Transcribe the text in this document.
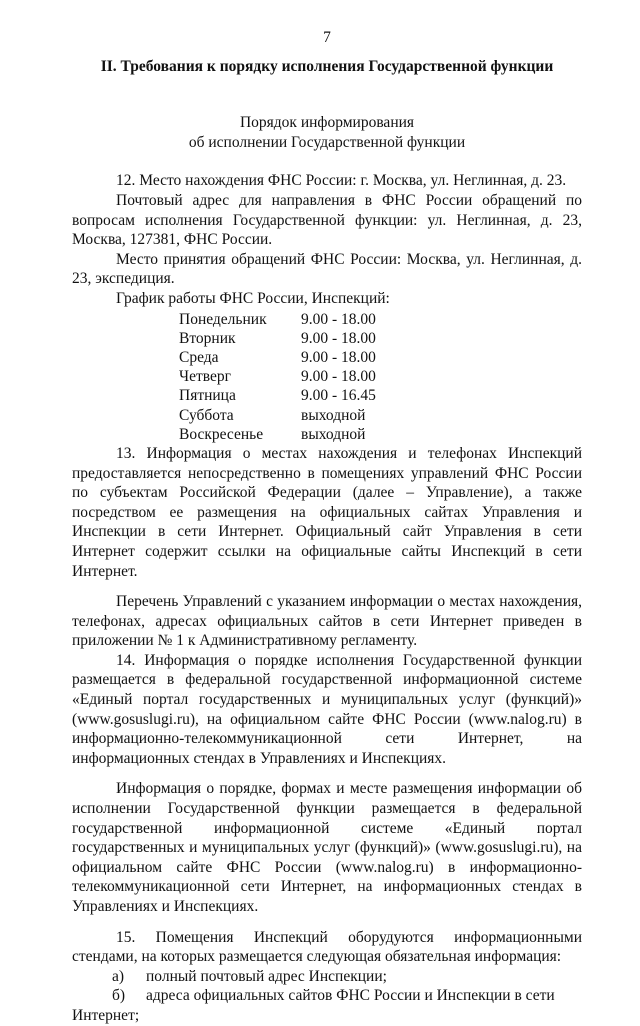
7
II. Требования к порядку исполнения Государственной функции
Порядок информирования
об исполнении Государственной функции

12. Место нахождения ФНС России: г. Москва, ул. Неглинная, д. 23.

Почтовый адрес для направления в ФНС России обращений по вопросам исполнения Государственной функции: ул. Неглинная, д. 23, Москва, 127381, ФНС России.

Место принятия обращений ФНС России: Москва, ул. Неглинная, д. 23, экспедиция.

График работы ФНС России, Инспекций:

Понедельник	9.00 - 18.00
Вторник	9.00 - 18.00
Среда	9.00 - 18.00
Четверг	9.00 - 18.00
Пятница	9.00 - 16.45
Суббота	выходной
Воскресенье	выходной

13. Информация о местах нахождения и телефонах Инспекций предоставляется непосредственно в помещениях управлений ФНС России по субъектам Российской Федерации (далее – Управление), а также посредством ее размещения на официальных сайтах Управления и Инспекции в сети Интернет. Официальный сайт Управления в сети Интернет содержит ссылки на официальные сайты Инспекций в сети Интернет.

Перечень Управлений с указанием информации о местах нахождения, телефонах, адресах официальных сайтов в сети Интернет приведен в приложении № 1 к Административному регламенту.

14. Информация о порядке исполнения Государственной функции размещается в федеральной государственной информационной системе «Единый портал государственных и муниципальных услуг (функций)» (www.gosuslugi.ru), на официальном сайте ФНС России (www.nalog.ru) в информационно-телекоммуникационной сети Интернет, на информационных стендах в Управлениях и Инспекциях.

Информация о порядке, формах и месте размещения информации об исполнении Государственной функции размещается в федеральной государственной информационной системе «Единый портал государственных и муниципальных услуг (функций)» (www.gosuslugi.ru), на официальном сайте ФНС России (www.nalog.ru) в информационно-телекоммуникационной сети Интернет, на информационных стендах в Управлениях и Инспекциях.

15. Помещения Инспекций оборудуются информационными стендами, на которых размещается следующая обязательная информация:

а)	полный почтовый адрес Инспекции;
б)	адреса официальных сайтов ФНС России и Инспекции в сети
Интернет;
